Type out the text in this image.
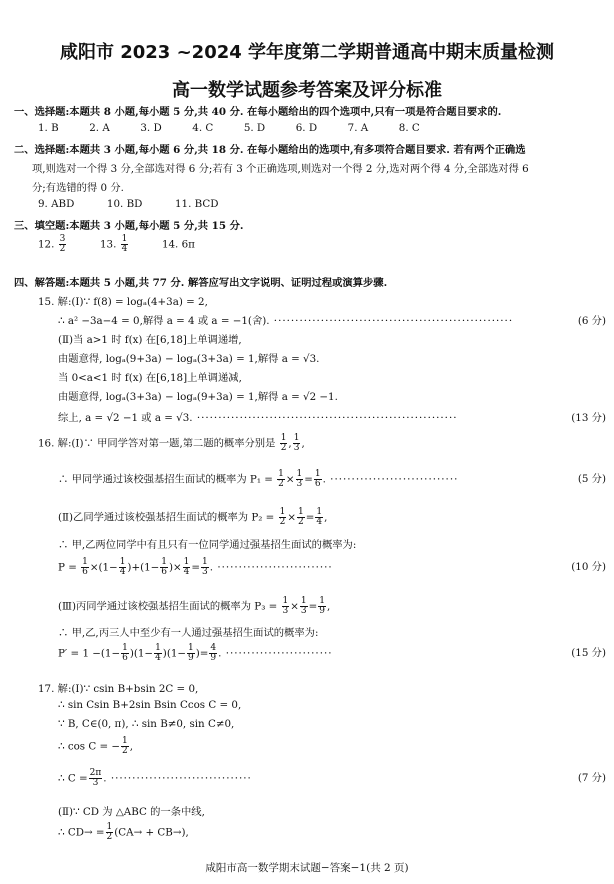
咸阳市 2023 ~2024 学年度第二学期普通高中期末质量检测
高一数学试题参考答案及评分标准
一、选择题:本题共 8 小题,每小题 5 分,共 40 分. 在每小题给出的四个选项中,只有一项是符合题目要求的.
1. B	2. A	3. D	4. C	5. D	6. D	7. A	8. C
二、选择题:本题共 3 小题,每小题 6 分,共 18 分. 在每小题给出的选项中,有多项符合题目要求. 若有两个正确选
项,则选对一个得 3 分,全部选对得 6 分;若有 3 个正确选项,则选对一个得 2 分,选对两个得 4 分,全部选对得 6
分;有选错的得 0 分.
9. ABD	10. BD	11. BCD
三、填空题:本题共 3 小题,每小题 5 分,共 15 分.
12. $\frac{3}{2}$	13. $\frac{1}{4}$	14. 6π
四、解答题:本题共 5 小题,共 77 分. 解答应写出文字说明、证明过程或演算步骤.
15. 解:(Ⅰ)∵ f(8) = logₐ(4+3a) = 2,
∴ a² −3a−4 = 0,解得 a = 4 或 a = −1(舍). ························································	(6 分)
(Ⅱ)当 a>1 时 f(x) 在[6,18]上单调递增,
由题意得, logₐ(9+3a) − logₐ(3+3a) = 1,解得 a = √3.
当 0<a<1 时 f(x) 在[6,18]上单调递减,
由题意得, logₐ(3+3a) − logₐ(9+3a) = 1,解得 a = √2 −1.
综上, a = √2 −1 或 a = √3. ·····························································	(13 分)
16. 解:(Ⅰ)∵ 甲同学答对第一题,第二题的概率分别是 $\frac{1}{2}$ , $\frac{1}{3}$ ,
∴ 甲同学通过该校强基招生面试的概率为 $P_1 = \frac{1}{2} \times \frac{1}{3} = \frac{1}{6}$ . ······························	(5 分)
(Ⅱ)乙同学通过该校强基招生面试的概率为 $P_2 = \frac{1}{2} \times \frac{1}{2} = \frac{1}{4}$ ,
∴ 甲,乙两位同学中有且只有一位同学通过强基招生面试的概率为:
$P = \frac{1}{6} \times(1- \frac{1}{4} )+(1- \frac{1}{6}$ )× $\frac{1}{4} = \frac{1}{3}$ . ···························	(10 分)
(Ⅲ)丙同学通过该校强基招生面试的概率为 $P_3 = \frac{1}{3} \times \frac{1}{3} = \frac{1}{9}$ ,
∴ 甲,乙,丙三人中至少有一人通过强基招生面试的概率为:
$P' = 1 -(1- \frac{1}{6} )(1- \frac{1}{4} )(1- \frac{1}{9}$ )= $\frac{4}{9}$ . ·························	(15 分)
17. 解:(Ⅰ)∵ csin B+bsin 2C = 0,
∴ sin Csin B+2sin Bsin Ccos C = 0,
∵ B, C∈(0, π), ∴ sin B≠0, sin C≠0,
∴ cos C = − $\frac{1}{2}$ ,
∴ $C = \frac{2\pi}{3}$ . ·································	(7 分)
(Ⅱ)∵ CD 为 △ABC 的一条中线,
∴ $CD\to = \frac{1}{2} (CA\to + CB\to)$,
咸阳市高一数学期末试题−答案−1(共 2 页)
